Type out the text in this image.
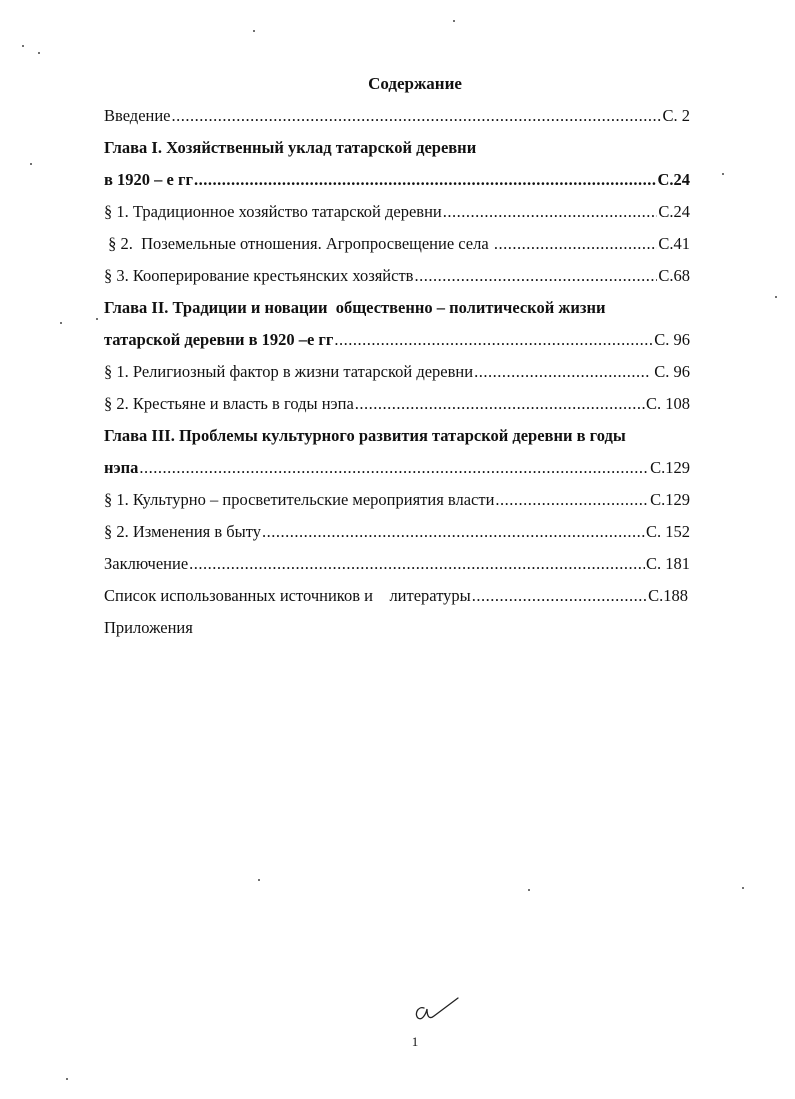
Содержание
Введение .....	С. 2
Глава I. Хозяйственный уклад татарской деревни
в 1920 – е гг .....	С.24
§ 1. Традиционное хозяйство татарской деревни .....	С.24
§ 2.  Поземельные отношения. Агропросвещение села .....	С.41
§ 3. Кооперирование крестьянских хозяйств .....	С.68
Глава II. Традиции и новации  общественно – политической жизни
татарской деревни в 1920 –е гг .....	С. 96
§ 1. Религиозный фактор в жизни татарской деревни .....	С. 96
§ 2. Крестьяне и власть в годы нэпа .....	С. 108
Глава III. Проблемы культурного развития татарской деревни в годы
нэпа .....	С.129
§ 1. Культурно – просветительские мероприятия власти .....	С.129
§ 2. Изменения в быту .....	С. 152
Заключение .....	С. 181
Список использованных источников и    литературы .....	С.188
Приложения
1
